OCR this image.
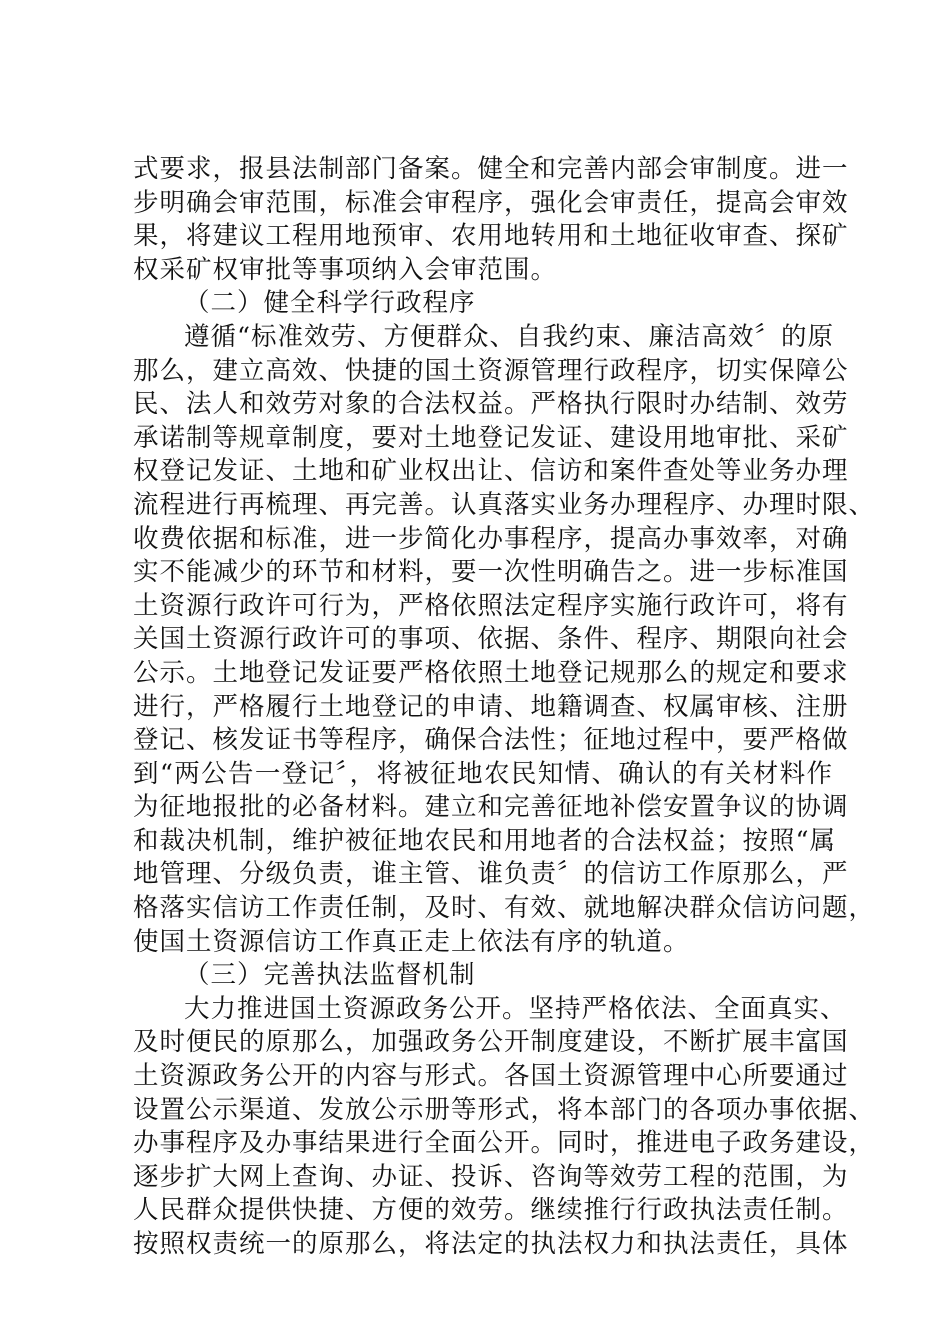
式要求，报县法制部门备案。健全和完善内部会审制度。进一
步明确会审范围，标准会审程序，强化会审责任，提高会审效
果，将建议工程用地预审、农用地转用和土地征收审查、探矿
权采矿权审批等事项纳入会审范围。

（二）健全科学行政程序

遵循“标准效劳、方便群众、自我约束、廉洁高效〞的原
那么，建立高效、快捷的国土资源管理行政程序，切实保障公
民、法人和效劳对象的合法权益。严格执行限时办结制、效劳
承诺制等规章制度，要对土地登记发证、建设用地审批、采矿
权登记发证、土地和矿业权出让、信访和案件查处等业务办理
流程进行再梳理、再完善。认真落实业务办理程序、办理时限、
收费依据和标准，进一步简化办事程序，提高办事效率，对确
实不能减少的环节和材料，要一次性明确告之。进一步标准国
土资源行政许可行为，严格依照法定程序实施行政许可，将有
关国土资源行政许可的事项、依据、条件、程序、期限向社会
公示。土地登记发证要严格依照土地登记规那么的规定和要求
进行，严格履行土地登记的申请、地籍调查、权属审核、注册
登记、核发证书等程序，确保合法性；征地过程中，要严格做
到“两公告一登记〞，将被征地农民知情、确认的有关材料作
为征地报批的必备材料。建立和完善征地补偿安置争议的协调
和裁决机制，维护被征地农民和用地者的合法权益；按照“属
地管理、分级负责，谁主管、谁负责〞的信访工作原那么，严
格落实信访工作责任制，及时、有效、就地解决群众信访问题，
使国土资源信访工作真正走上依法有序的轨道。

（三）完善执法监督机制

大力推进国土资源政务公开。坚持严格依法、全面真实、
及时便民的原那么，加强政务公开制度建设，不断扩展丰富国
土资源政务公开的内容与形式。各国土资源管理中心所要通过
设置公示渠道、发放公示册等形式，将本部门的各项办事依据、
办事程序及办事结果进行全面公开。同时，推进电子政务建设，
逐步扩大网上查询、办证、投诉、咨询等效劳工程的范围，为
人民群众提供快捷、方便的效劳。继续推行行政执法责任制。
按照权责统一的原那么，将法定的执法权力和执法责任，具体
